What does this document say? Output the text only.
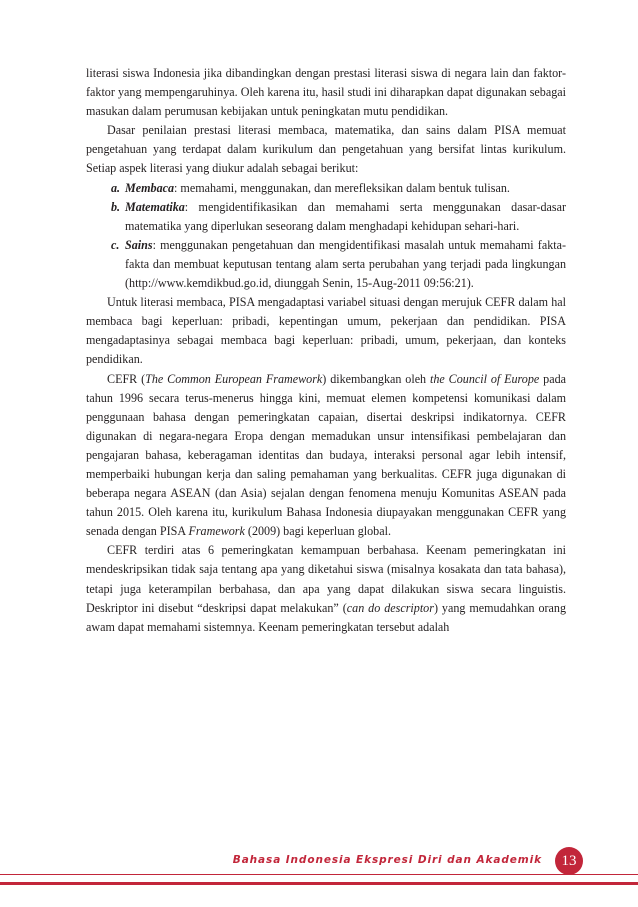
literasi siswa Indonesia jika dibandingkan dengan prestasi literasi siswa di negara lain dan faktor-faktor yang mempengaruhinya. Oleh karena itu, hasil studi ini diharapkan dapat digunakan sebagai masukan dalam perumusan kebijakan untuk peningkatan mutu pendidikan.

Dasar penilaian prestasi literasi membaca, matematika, dan sains dalam PISA memuat pengetahuan yang terdapat dalam kurikulum dan pengetahuan yang bersifat lintas kurikulum. Setiap aspek literasi yang diukur adalah sebagai berikut:

a. Membaca: memahami, menggunakan, dan merefleksikan dalam bentuk tulisan.
b. Matematika: mengidentifikasikan dan memahami serta menggunakan dasar-dasar matematika yang diperlukan seseorang dalam menghadapi kehidupan sehari-hari.
c. Sains: menggunakan pengetahuan dan mengidentifikasi masalah untuk memahami fakta-fakta dan membuat keputusan tentang alam serta perubahan yang terjadi pada lingkungan (http://www.kemdikbud.go.id, diunggah Senin, 15-Aug-2011 09:56:21).

Untuk literasi membaca, PISA mengadaptasi variabel situasi dengan merujuk CEFR dalam hal membaca bagi keperluan: pribadi, kepentingan umum, pekerjaan dan pendidikan. PISA mengadaptasinya sebagai membaca bagi keperluan: pribadi, umum, pekerjaan, dan konteks pendidikan.

CEFR (The Common European Framework) dikembangkan oleh the Council of Europe pada tahun 1996 secara terus-menerus hingga kini, memuat elemen kompetensi komunikasi dalam penggunaan bahasa dengan pemeringkatan capaian, disertai deskripsi indikatornya. CEFR digunakan di negara-negara Eropa dengan memadukan unsur intensifikasi pembelajaran dan pengajaran bahasa, keberagaman identitas dan budaya, interaksi personal agar lebih intensif, memperbaiki hubungan kerja dan saling pemahaman yang berkualitas. CEFR juga digunakan di beberapa negara ASEAN (dan Asia) sejalan dengan fenomena menuju Komunitas ASEAN pada tahun 2015. Oleh karena itu, kurikulum Bahasa Indonesia diupayakan menggunakan CEFR yang senada dengan PISA Framework (2009) bagi keperluan global.

CEFR terdiri atas 6 pemeringkatan kemampuan berbahasa. Keenam pemeringkatan ini mendeskripsikan tidak saja tentang apa yang diketahui siswa (misalnya kosakata dan tata bahasa), tetapi juga keterampilan berbahasa, dan apa yang dapat dilakukan siswa secara linguistis. Deskriptor ini disebut “deskripsi dapat melakukan” (can do descriptor) yang memudahkan orang awam dapat memahami sistemnya. Keenam pemeringkatan tersebut adalah

Bahasa Indonesia Ekspresi Diri dan Akademik	13
